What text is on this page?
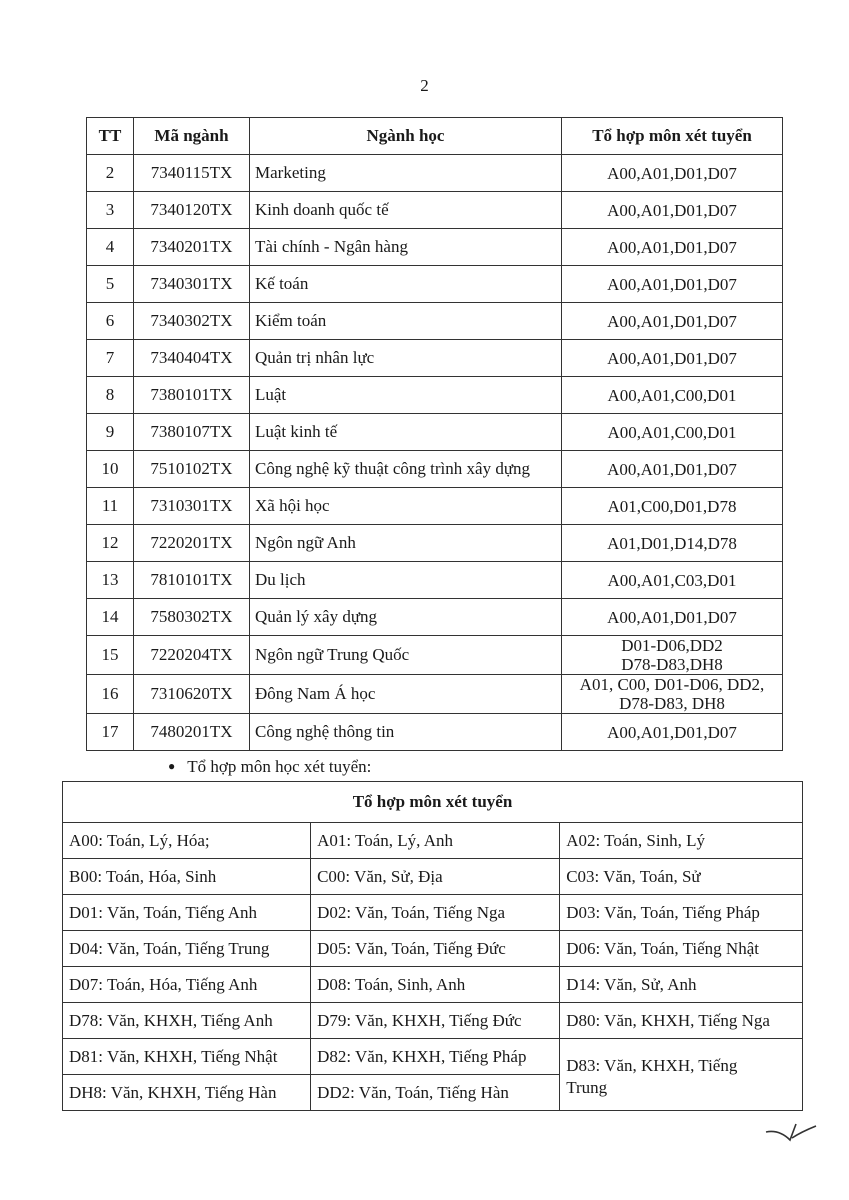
2
TT	Mã ngành	Ngành học	Tổ hợp môn xét tuyển
2	7340115TX	Marketing	A00,A01,D01,D07
3	7340120TX	Kinh doanh quốc tế	A00,A01,D01,D07
4	7340201TX	Tài chính - Ngân hàng	A00,A01,D01,D07
5	7340301TX	Kế toán	A00,A01,D01,D07
6	7340302TX	Kiểm toán	A00,A01,D01,D07
7	7340404TX	Quản trị nhân lực	A00,A01,D01,D07
8	7380101TX	Luật	A00,A01,C00,D01
9	7380107TX	Luật kinh tế	A00,A01,C00,D01
10	7510102TX	Công nghệ kỹ thuật công trình xây dựng	A00,A01,D01,D07
11	7310301TX	Xã hội học	A01,C00,D01,D78
12	7220201TX	Ngôn ngữ Anh	A01,D01,D14,D78
13	7810101TX	Du lịch	A00,A01,C03,D01
14	7580302TX	Quản lý xây dựng	A00,A01,D01,D07
15	7220204TX	Ngôn ngữ Trung Quốc	D01-D06,DD2
D78-D83,DH8
16	7310620TX	Đông Nam Á học	A01, C00, D01-D06, DD2,
D78-D83, DH8
17	7480201TX	Công nghệ thông tin	A00,A01,D01,D07
● Tổ hợp môn học xét tuyển:
Tổ hợp môn xét tuyển		
A00: Toán, Lý, Hóa;	A01: Toán, Lý, Anh	A02: Toán, Sinh, Lý
B00: Toán, Hóa, Sinh	C00: Văn, Sử, Địa	C03: Văn, Toán, Sử
D01: Văn, Toán, Tiếng Anh	D02: Văn, Toán, Tiếng Nga	D03: Văn, Toán, Tiếng Pháp
D04: Văn, Toán, Tiếng Trung	D05: Văn, Toán, Tiếng Đức	D06: Văn, Toán, Tiếng Nhật
D07: Toán, Hóa, Tiếng Anh	D08: Toán, Sinh, Anh	D14: Văn, Sử, Anh
D78: Văn, KHXH, Tiếng Anh	D79: Văn, KHXH, Tiếng Đức	D80: Văn, KHXH, Tiếng Nga
D81: Văn, KHXH, Tiếng Nhật	D82: Văn, KHXH, Tiếng Pháp	D83: Văn, KHXH, Tiếng
Trung
DH8: Văn, KHXH, Tiếng Hàn	DD2: Văn, Toán, Tiếng Hàn	
